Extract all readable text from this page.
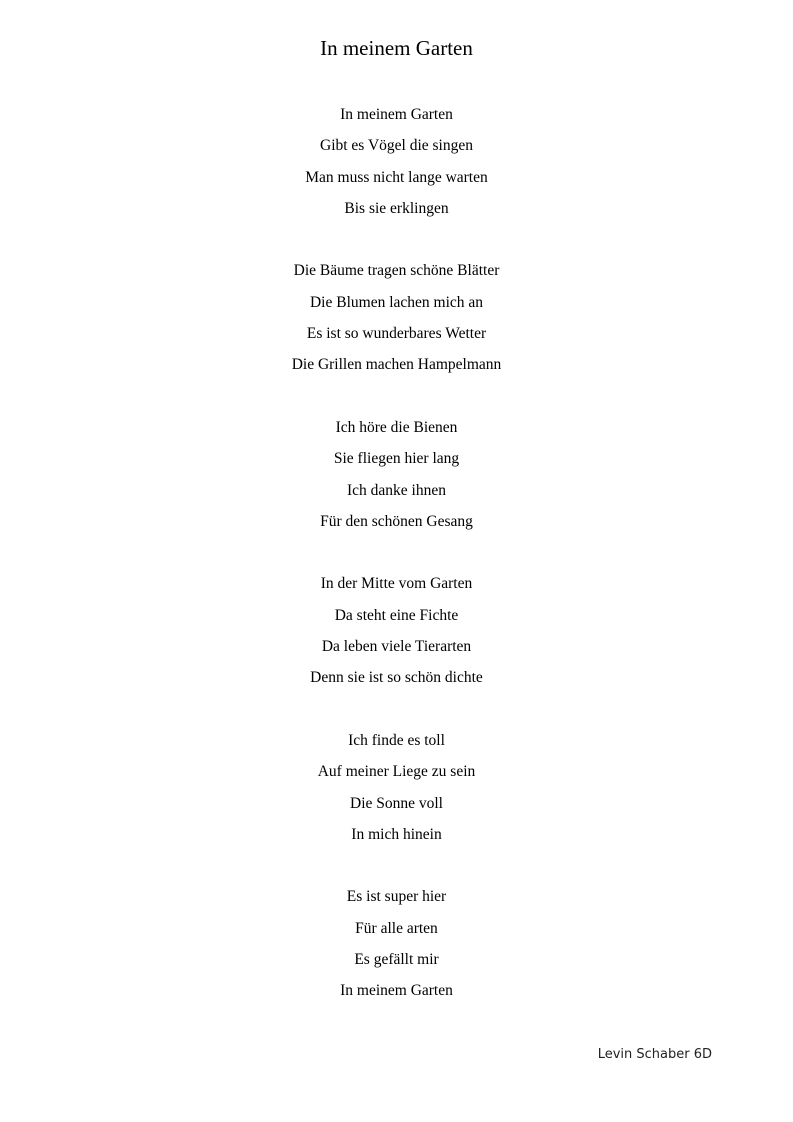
In meinem Garten
In meinem Garten
Gibt es Vögel die singen
Man muss nicht lange warten
Bis sie erklingen
Die Bäume tragen schöne Blätter
Die Blumen lachen mich an
Es ist so wunderbares Wetter
Die Grillen machen Hampelmann
Ich höre die Bienen
Sie fliegen hier lang
Ich danke ihnen
Für den schönen Gesang
In der Mitte vom Garten
Da steht eine Fichte
Da leben viele Tierarten
Denn sie ist so schön dichte
Ich finde es toll
Auf meiner Liege zu sein
Die Sonne voll
In mich hinein
Es ist super hier
Für alle arten
Es gefällt mir
In meinem Garten
Levin Schaber 6D
